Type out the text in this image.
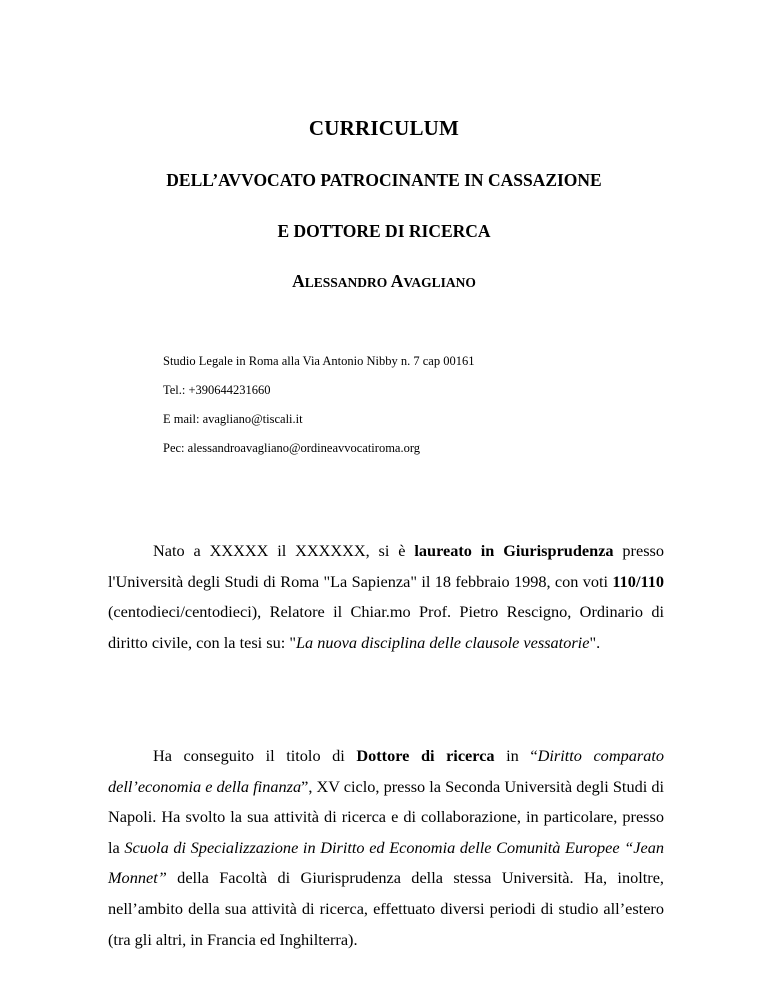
CURRICULUM
DELL’AVVOCATO PATROCINANTE IN CASSAZIONE
E DOTTORE DI RICERCA
ALESSANDRO AVAGLIANO
Studio Legale in Roma alla Via Antonio Nibby n. 7 cap 00161
Tel.: +390644231660
E mail: avagliano@tiscali.it
Pec: alessandroavagliano@ordineavvocatiroma.org

Nato a XXXXX il XXXXXX, si è laureato in Giurisprudenza presso l'Università degli Studi di Roma "La Sapienza" il 18 febbraio 1998, con voti 110/110 (centodieci/centodieci), Relatore il Chiar.mo Prof. Pietro Rescigno, Ordinario di diritto civile, con la tesi su: "La nuova disciplina delle clausole vessatorie".

Ha conseguito il titolo di Dottore di ricerca in “Diritto comparato dell’economia e della finanza”, XV ciclo, presso la Seconda Università degli Studi di Napoli. Ha svolto la sua attività di ricerca e di collaborazione, in particolare, presso la Scuola di Specializzazione in Diritto ed Economia delle Comunità Europee “Jean Monnet” della Facoltà di Giurisprudenza della stessa Università. Ha, inoltre, nell’ambito della sua attività di ricerca, effettuato diversi periodi di studio all’estero (tra gli altri, in Francia ed Inghilterra).
